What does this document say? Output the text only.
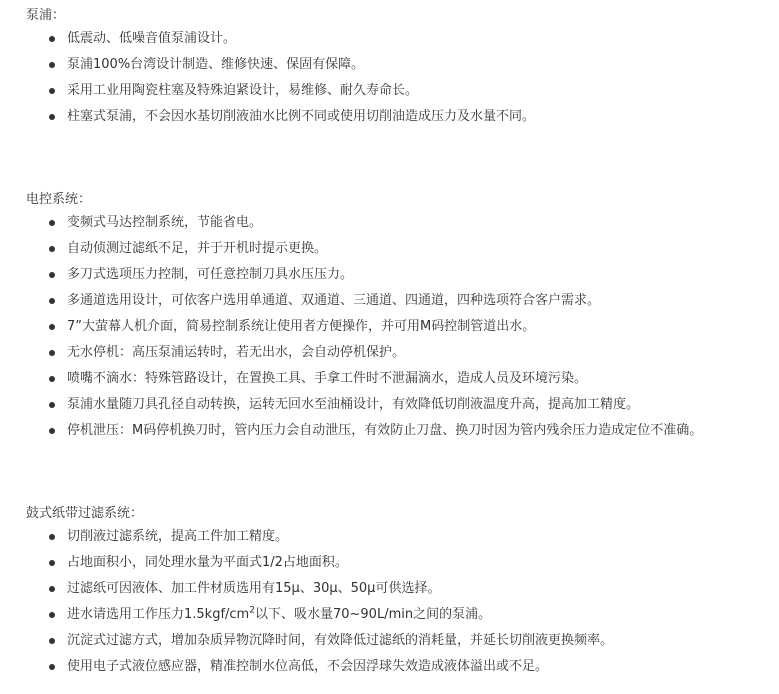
泵浦：
低震动、低噪音值泵浦设计。
泵浦100%台湾设计制造、维修快速、保固有保障。
采用工业用陶瓷柱塞及特殊迫紧设计，易维修、耐久寿命长。
柱塞式泵浦，不会因水基切削液油水比例不同或使用切削油造成压力及水量不同。
电控系统：
变频式马达控制系统，节能省电。
自动侦测过滤纸不足，并于开机时提示更换。
多刀式选项压力控制，可任意控制刀具水压压力。
多通道选用设计，可依客户选用单通道、双通道、三通道、四通道，四种选项符合客户需求。
7”大萤幕人机介面，简易控制系统让使用者方便操作，并可用M码控制管道出水。
无水停机：高压泵浦运转时，若无出水，会自动停机保护。
喷嘴不滴水：特殊管路设计，在置换工具、手拿工件时不泄漏滴水，造成人员及环境污染。
泵浦水量随刀具孔径自动转换，运转无回水至油桶设计，有效降低切削液温度升高，提高加工精度。
停机泄压：M码停机换刀时，管内压力会自动泄压，有效防止刀盘、换刀时因为管内残余压力造成定位不准确。
鼓式纸带过滤系统：
切削液过滤系统，提高工件加工精度。
占地面积小，同处理水量为平面式1/2占地面积。
过滤纸可因液体、加工件材质选用有15μ、30μ、50μ可供选择。
进水请选用工作压力$1.5kgf/cm^2$以下、吸水量70~90L/min之间的泵浦。
沉淀式过滤方式，增加杂质异物沉降时间，有效降低过滤纸的消耗量，并延长切削液更换频率。
使用电子式液位感应器，精准控制水位高低，不会因浮球失效造成液体溢出或不足。
